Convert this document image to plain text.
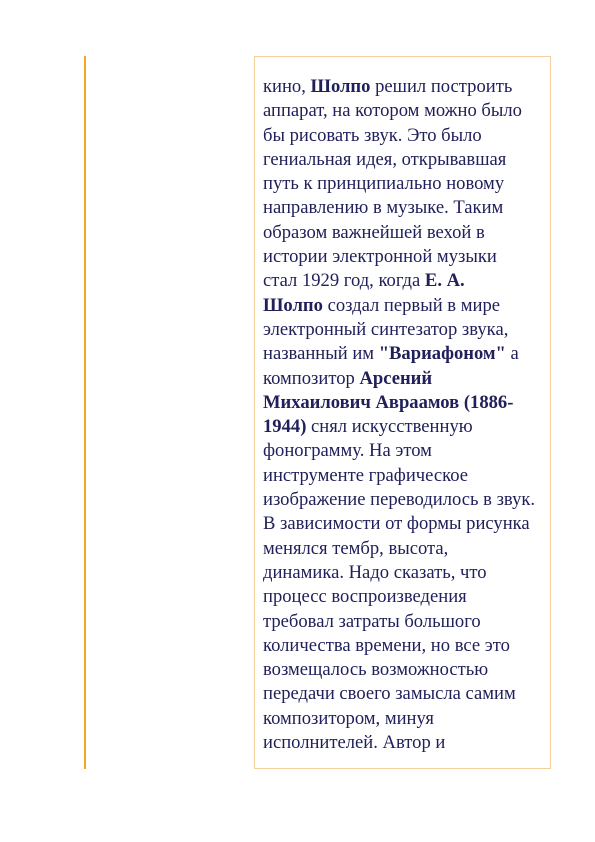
кино, Шолпо решил построить
аппарат, на котором можно было
бы рисовать звук. Это было
гениальная идея, открывавшая
путь к принципиально новому
направлению в музыке. Таким
образом важнейшей вехой в
истории электронной музыки
стал 1929 год, когда Е. А.
Шолпо создал первый в мире
электронный синтезатор звука,
названный им "Вариафоном" а
композитор Арсений
Михаилович Авраамов (1886-
1944) снял искусственную
фонограмму. На этом
инструменте графическое
изображение переводилось в звук.
В зависимости от формы рисунка
менялся тембр, высота,
динамика. Надо сказать, что
процесс воспроизведения
требовал затраты большого
количества времени, но все это
возмещалось возможностью
передачи своего замысла самим
композитором, минуя
исполнителей. Автор и
